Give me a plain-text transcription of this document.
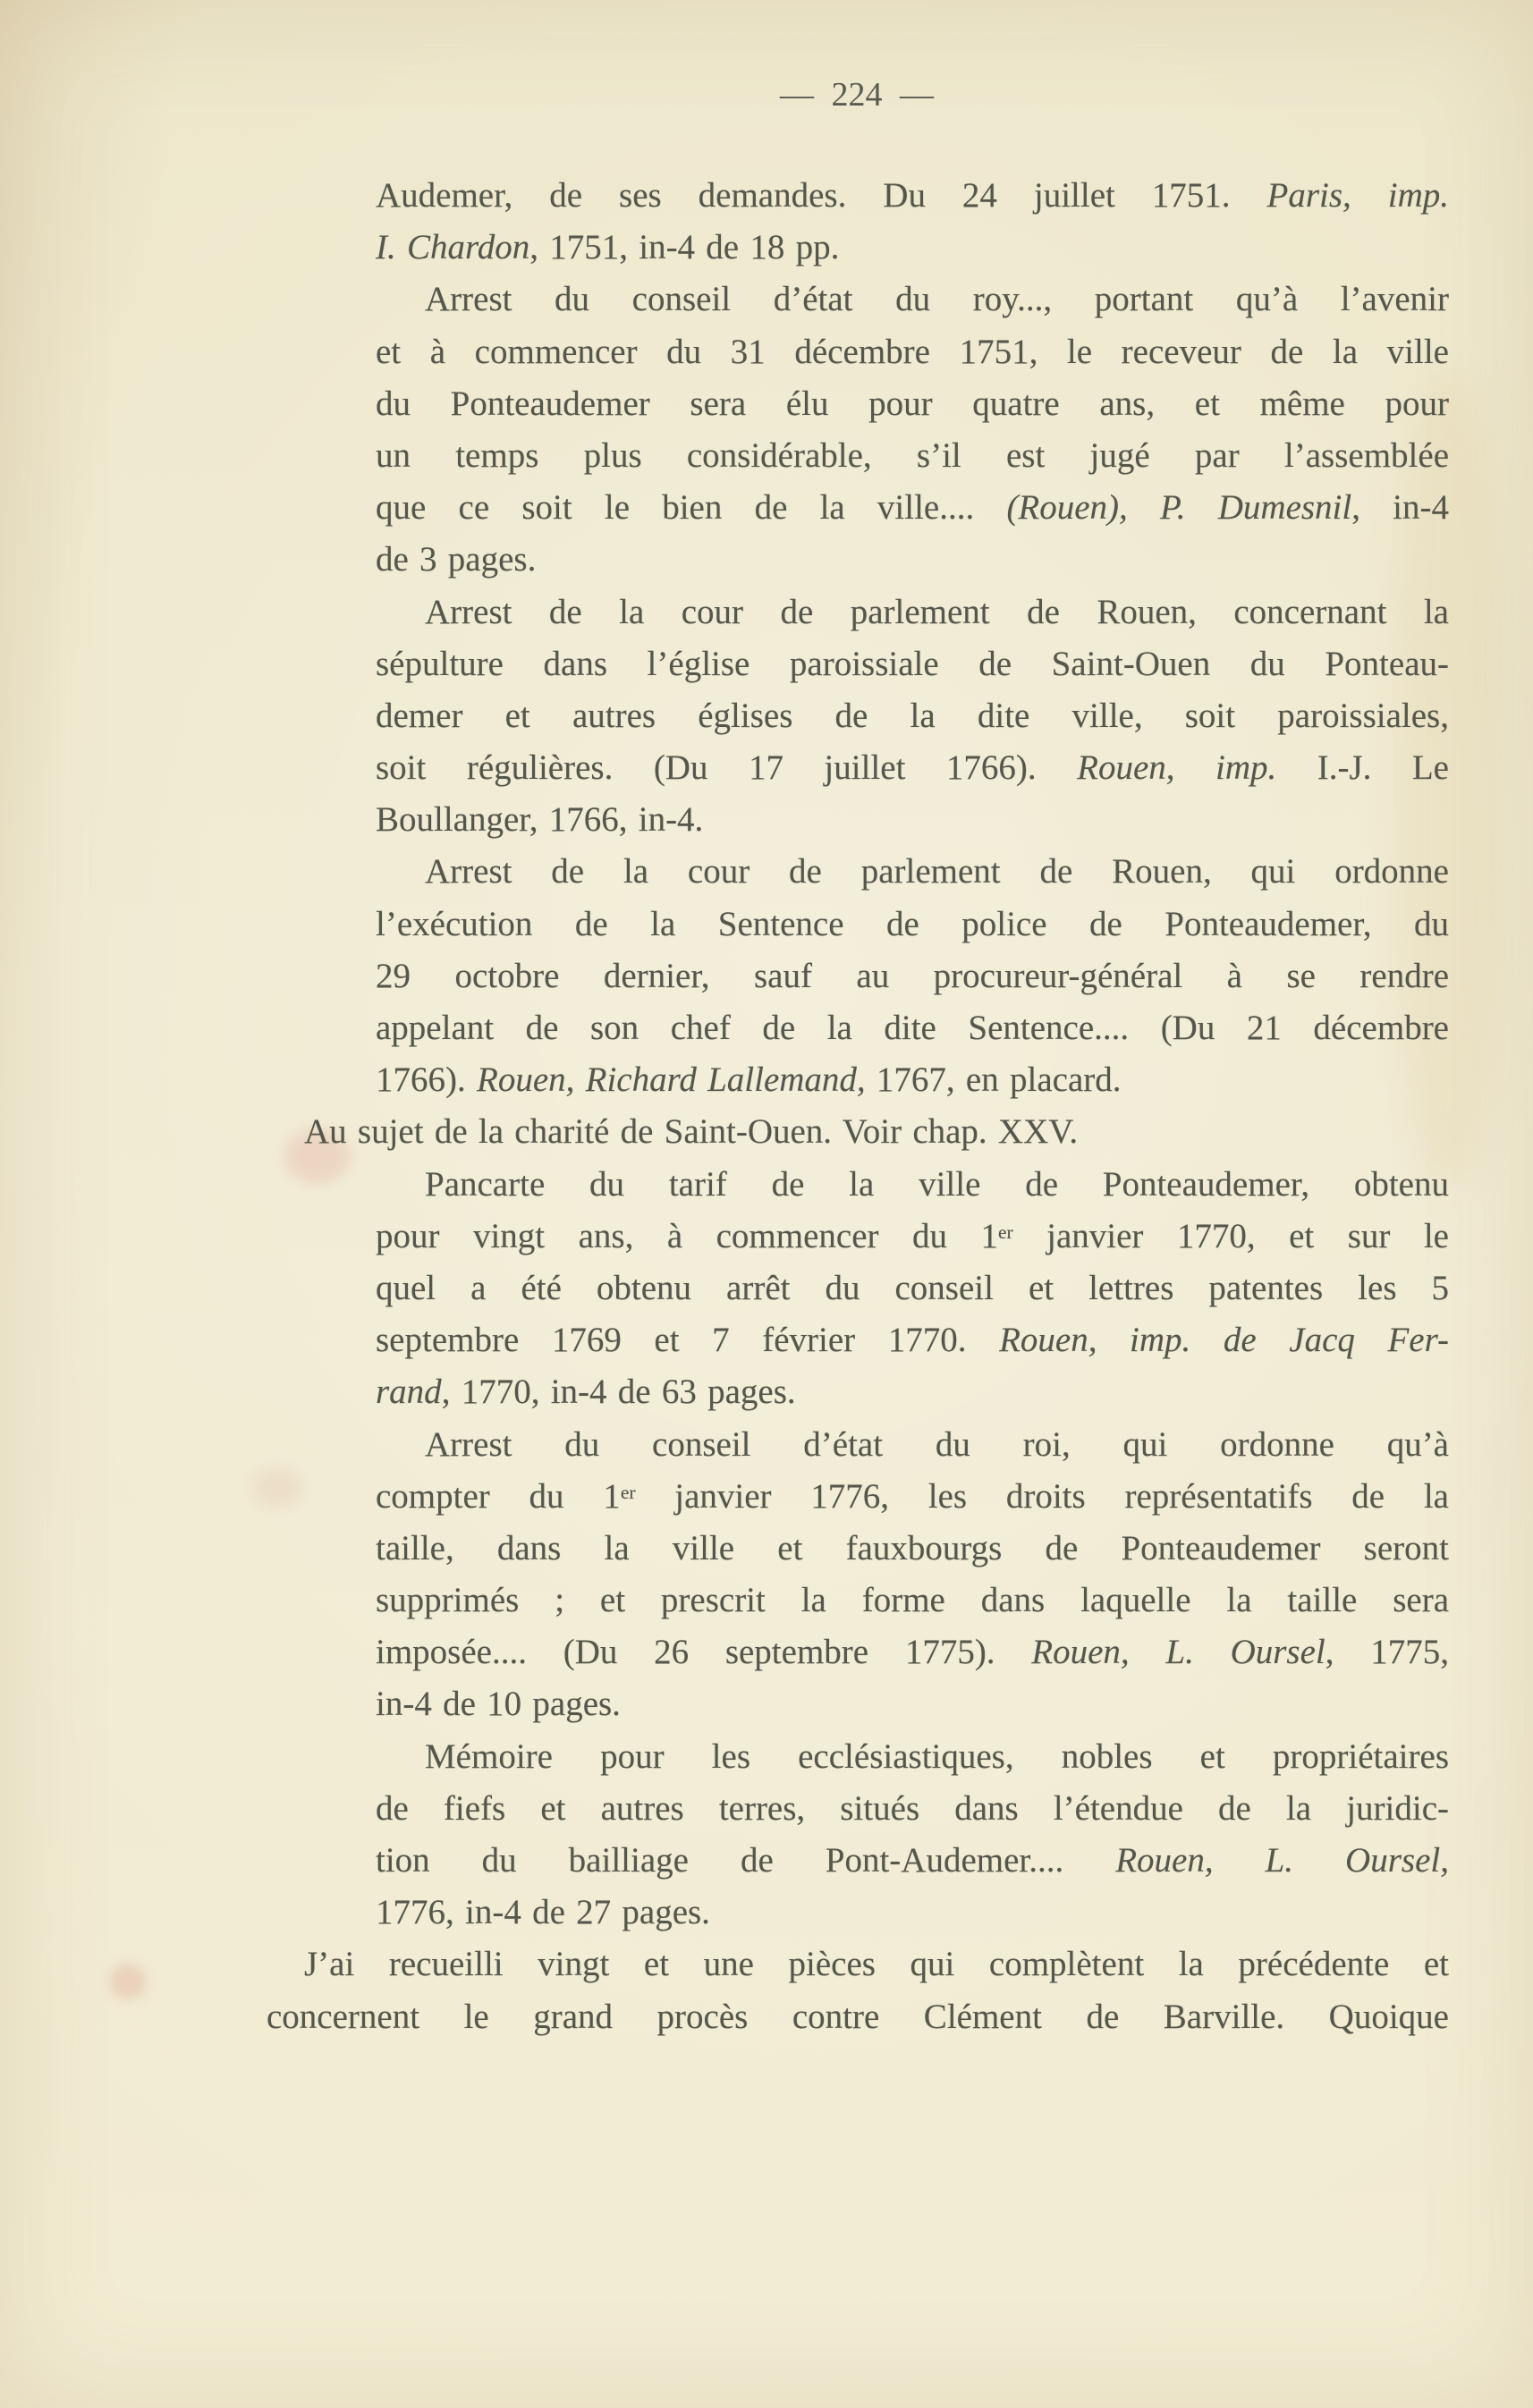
— 224 —
Audemer, de ses demandes. Du 24 juillet 1751. Paris, imp.
I. Chardon, 1751, in-4 de 18 pp.
Arrest du conseil d’état du roy..., portant qu’à l’avenir
et à commencer du 31 décembre 1751, le receveur de la ville
du Ponteaudemer sera élu pour quatre ans, et même pour
un temps plus considérable, s’il est jugé par l’assemblée
que ce soit le bien de la ville.... (Rouen), P. Dumesnil, in-4
de 3 pages.
Arrest de la cour de parlement de Rouen, concernant la
sépulture dans l’église paroissiale de Saint-Ouen du Ponteau-
demer et autres églises de la dite ville, soit paroissiales,
soit régulières. (Du 17 juillet 1766). Rouen, imp. I.-J. Le
Boullanger, 1766, in-4.
Arrest de la cour de parlement de Rouen, qui ordonne
l’exécution de la Sentence de police de Ponteaudemer, du
29 octobre dernier, sauf au procureur-général à se rendre
appelant de son chef de la dite Sentence.... (Du 21 décembre
1766). Rouen, Richard Lallemand, 1767, en placard.
Au sujet de la charité de Saint-Ouen. Voir chap. XXV.
Pancarte du tarif de la ville de Ponteaudemer, obtenu
pour vingt ans, à commencer du 1er janvier 1770, et sur le
quel a été obtenu arrêt du conseil et lettres patentes les 5
septembre 1769 et 7 février 1770. Rouen, imp. de Jacq Fer-
rand, 1770, in-4 de 63 pages.
Arrest du conseil d’état du roi, qui ordonne qu’à
compter du 1er janvier 1776, les droits représentatifs de la
taille, dans la ville et fauxbourgs de Ponteaudemer seront
supprimés ; et prescrit la forme dans laquelle la taille sera
imposée.... (Du 26 septembre 1775). Rouen, L. Oursel, 1775,
in-4 de 10 pages.
Mémoire pour les ecclésiastiques, nobles et propriétaires
de fiefs et autres terres, situés dans l’étendue de la juridic-
tion du bailliage de Pont-Audemer.... Rouen, L. Oursel,
1776, in-4 de 27 pages.
J’ai recueilli vingt et une pièces qui complètent la précédente et
concernent le grand procès contre Clément de Barville. Quoique
